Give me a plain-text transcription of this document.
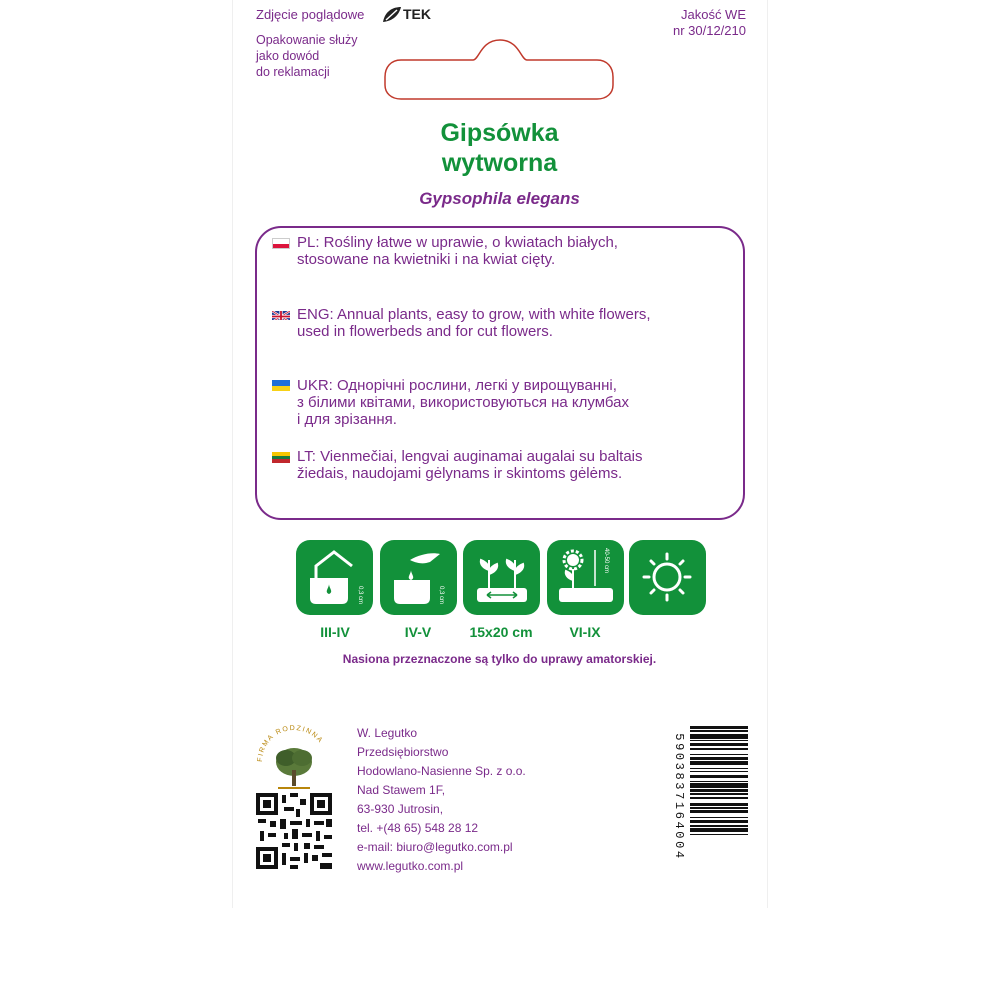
Zdjęcie poglądowe	TEK	Jakość WE
nr 30/12/210
Opakowanie służy
jako dowód
do reklamacji
Gipsówka
wytworna
Gypsophila elegans
PL: Rośliny łatwe w uprawie, o kwiatach białych,
stosowane na kwietniki i na kwiat cięty.
ENG: Annual plants, easy to grow, with white flowers,
used in flowerbeds and for cut flowers.
UKR: Однорічні рослини, легкі у вирощуванні,
з білими квітами, використовуються на клумбах
і для зрізання.
LT: Vienmečiai, lengvai auginamai augalai su baltais
žiedais, naudojami gėlynams ir skintoms gėlėms.
0,3 cm	0,3 cm
40-50 cm
III-IV	IV-V	15x20 cm	VI-IX
Nasiona przeznaczone są tylko do uprawy amatorskiej.
FIRMA RODZINNA
W. Legutko
Przedsiębiorstwo
Hodowlano-Nasienne Sp. z o.o.
Nad Stawem 1F,
63-930 Jutrosin,
tel. +(48 65) 548 28 12
e-mail: biuro@legutko.com.pl
www.legutko.com.pl
5903837164004
